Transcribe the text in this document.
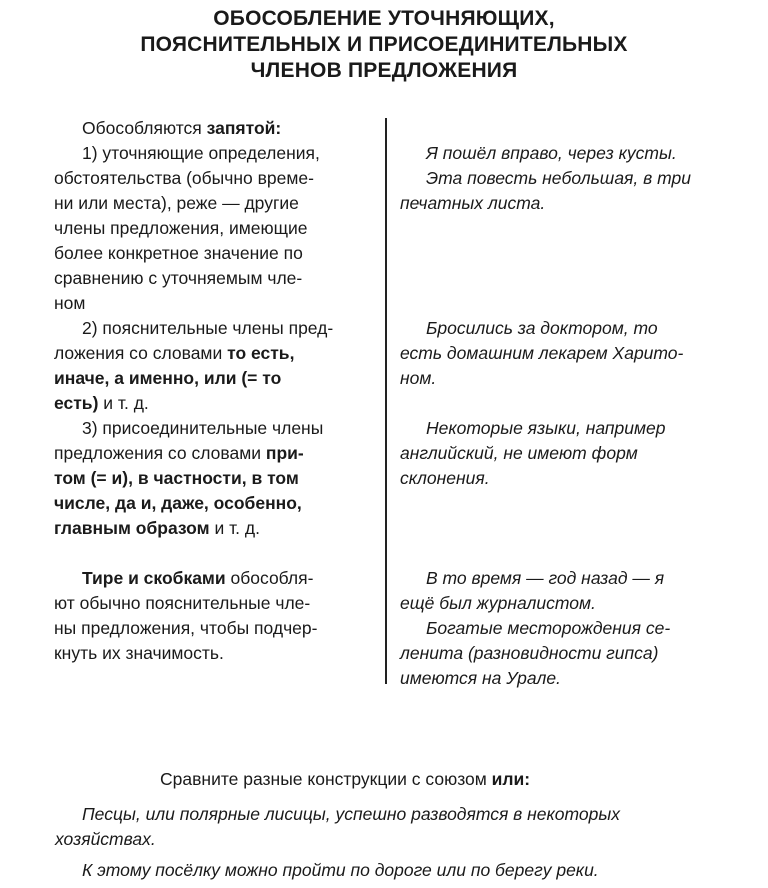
ОБОСОБЛЕНИЕ УТОЧНЯЮЩИХ,
ПОЯСНИТЕЛЬНЫХ И ПРИСОЕДИНИТЕЛЬНЫХ
ЧЛЕНОВ ПРЕДЛОЖЕНИЯ
Обособляются запятой:
1) уточняющие определения,
обстоятельства (обычно време-
ни или места), реже — другие
члены предложения, имеющие
более конкретное значение по
сравнению с уточняемым чле-
ном
2) пояснительные члены пред-
ложения со словами то есть,
иначе, а именно, или (= то
есть) и т. д.
3) присоединительные члены
предложения со словами при-
том (= и), в частности, в том
числе, да и, даже, особенно,
главным образом и т. д.
Тире и скобками обособля-
ют обычно пояснительные чле-
ны предложения, чтобы подчер-
кнуть их значимость.
Я пошёл вправо, через кусты.
Эта повесть небольшая, в три
печатных листа.
Бросились за доктором, то
есть домашним лекарем Харито-
ном.
Некоторые языки, например
английский, не имеют форм
склонения.
В то время — год назад — я
ещё был журналистом.
Богатые месторождения се-
ленита (разновидности гипса)
имеются на Урале.
Сравните разные конструкции с союзом или:
Песцы, или полярные лисицы, успешно разводятся в некоторых
хозяйствах.
К этому посёлку можно пройти по дороге или по берегу реки.
